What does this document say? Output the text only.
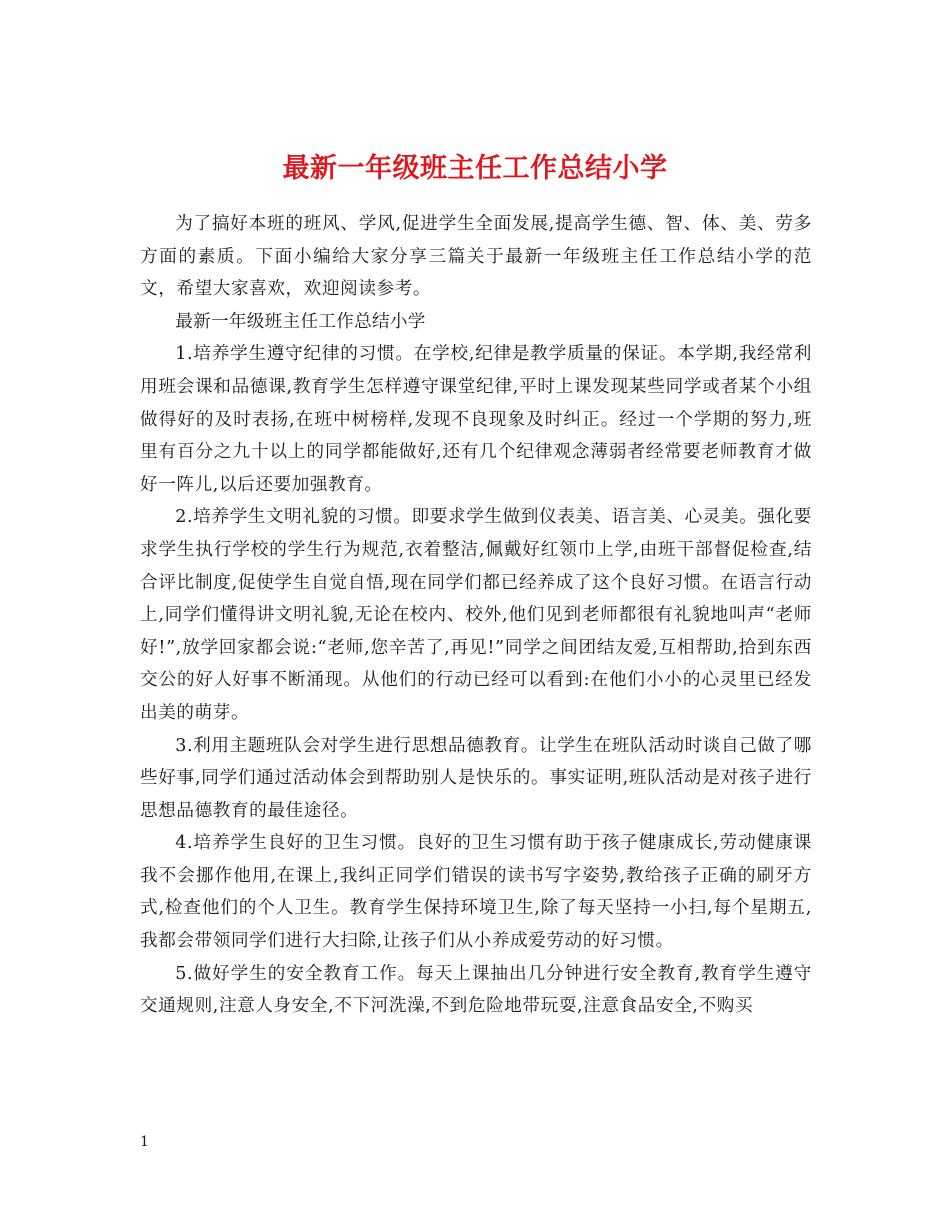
最新一年级班主任工作总结小学

为了搞好本班的班风、学风,促进学生全面发展,提高学生德、智、体、美、劳多方面的素质。下面小编给大家分享三篇关于最新一年级班主任工作总结小学的范文，希望大家喜欢，欢迎阅读参考。

最新一年级班主任工作总结小学

1.培养学生遵守纪律的习惯。在学校,纪律是教学质量的保证。本学期,我经常利用班会课和品德课,教育学生怎样遵守课堂纪律,平时上课发现某些同学或者某个小组做得好的及时表扬,在班中树榜样,发现不良现象及时纠正。经过一个学期的努力,班里有百分之九十以上的同学都能做好,还有几个纪律观念薄弱者经常要老师教育才做好一阵儿,以后还要加强教育。

2.培养学生文明礼貌的习惯。即要求学生做到仪表美、语言美、心灵美。强化要求学生执行学校的学生行为规范,衣着整洁,佩戴好红领巾上学,由班干部督促检查,结合评比制度,促使学生自觉自悟,现在同学们都已经养成了这个良好习惯。在语言行动上,同学们懂得讲文明礼貌,无论在校内、校外,他们见到老师都很有礼貌地叫声“老师好!”,放学回家都会说:“老师,您辛苦了,再见!”同学之间团结友爱,互相帮助,拾到东西交公的好人好事不断涌现。从他们的行动已经可以看到:在他们小小的心灵里已经发出美的萌芽。

3.利用主题班队会对学生进行思想品德教育。让学生在班队活动时谈自己做了哪些好事,同学们通过活动体会到帮助别人是快乐的。事实证明,班队活动是对孩子进行思想品德教育的最佳途径。

4.培养学生良好的卫生习惯。良好的卫生习惯有助于孩子健康成长,劳动健康课我不会挪作他用,在课上,我纠正同学们错误的读书写字姿势,教给孩子正确的刷牙方式,检查他们的个人卫生。教育学生保持环境卫生,除了每天坚持一小扫,每个星期五,我都会带领同学们进行大扫除,让孩子们从小养成爱劳动的好习惯。

5.做好学生的安全教育工作。每天上课抽出几分钟进行安全教育,教育学生遵守交通规则,注意人身安全,不下河洗澡,不到危险地带玩耍,注意食品安全,不购买

1
